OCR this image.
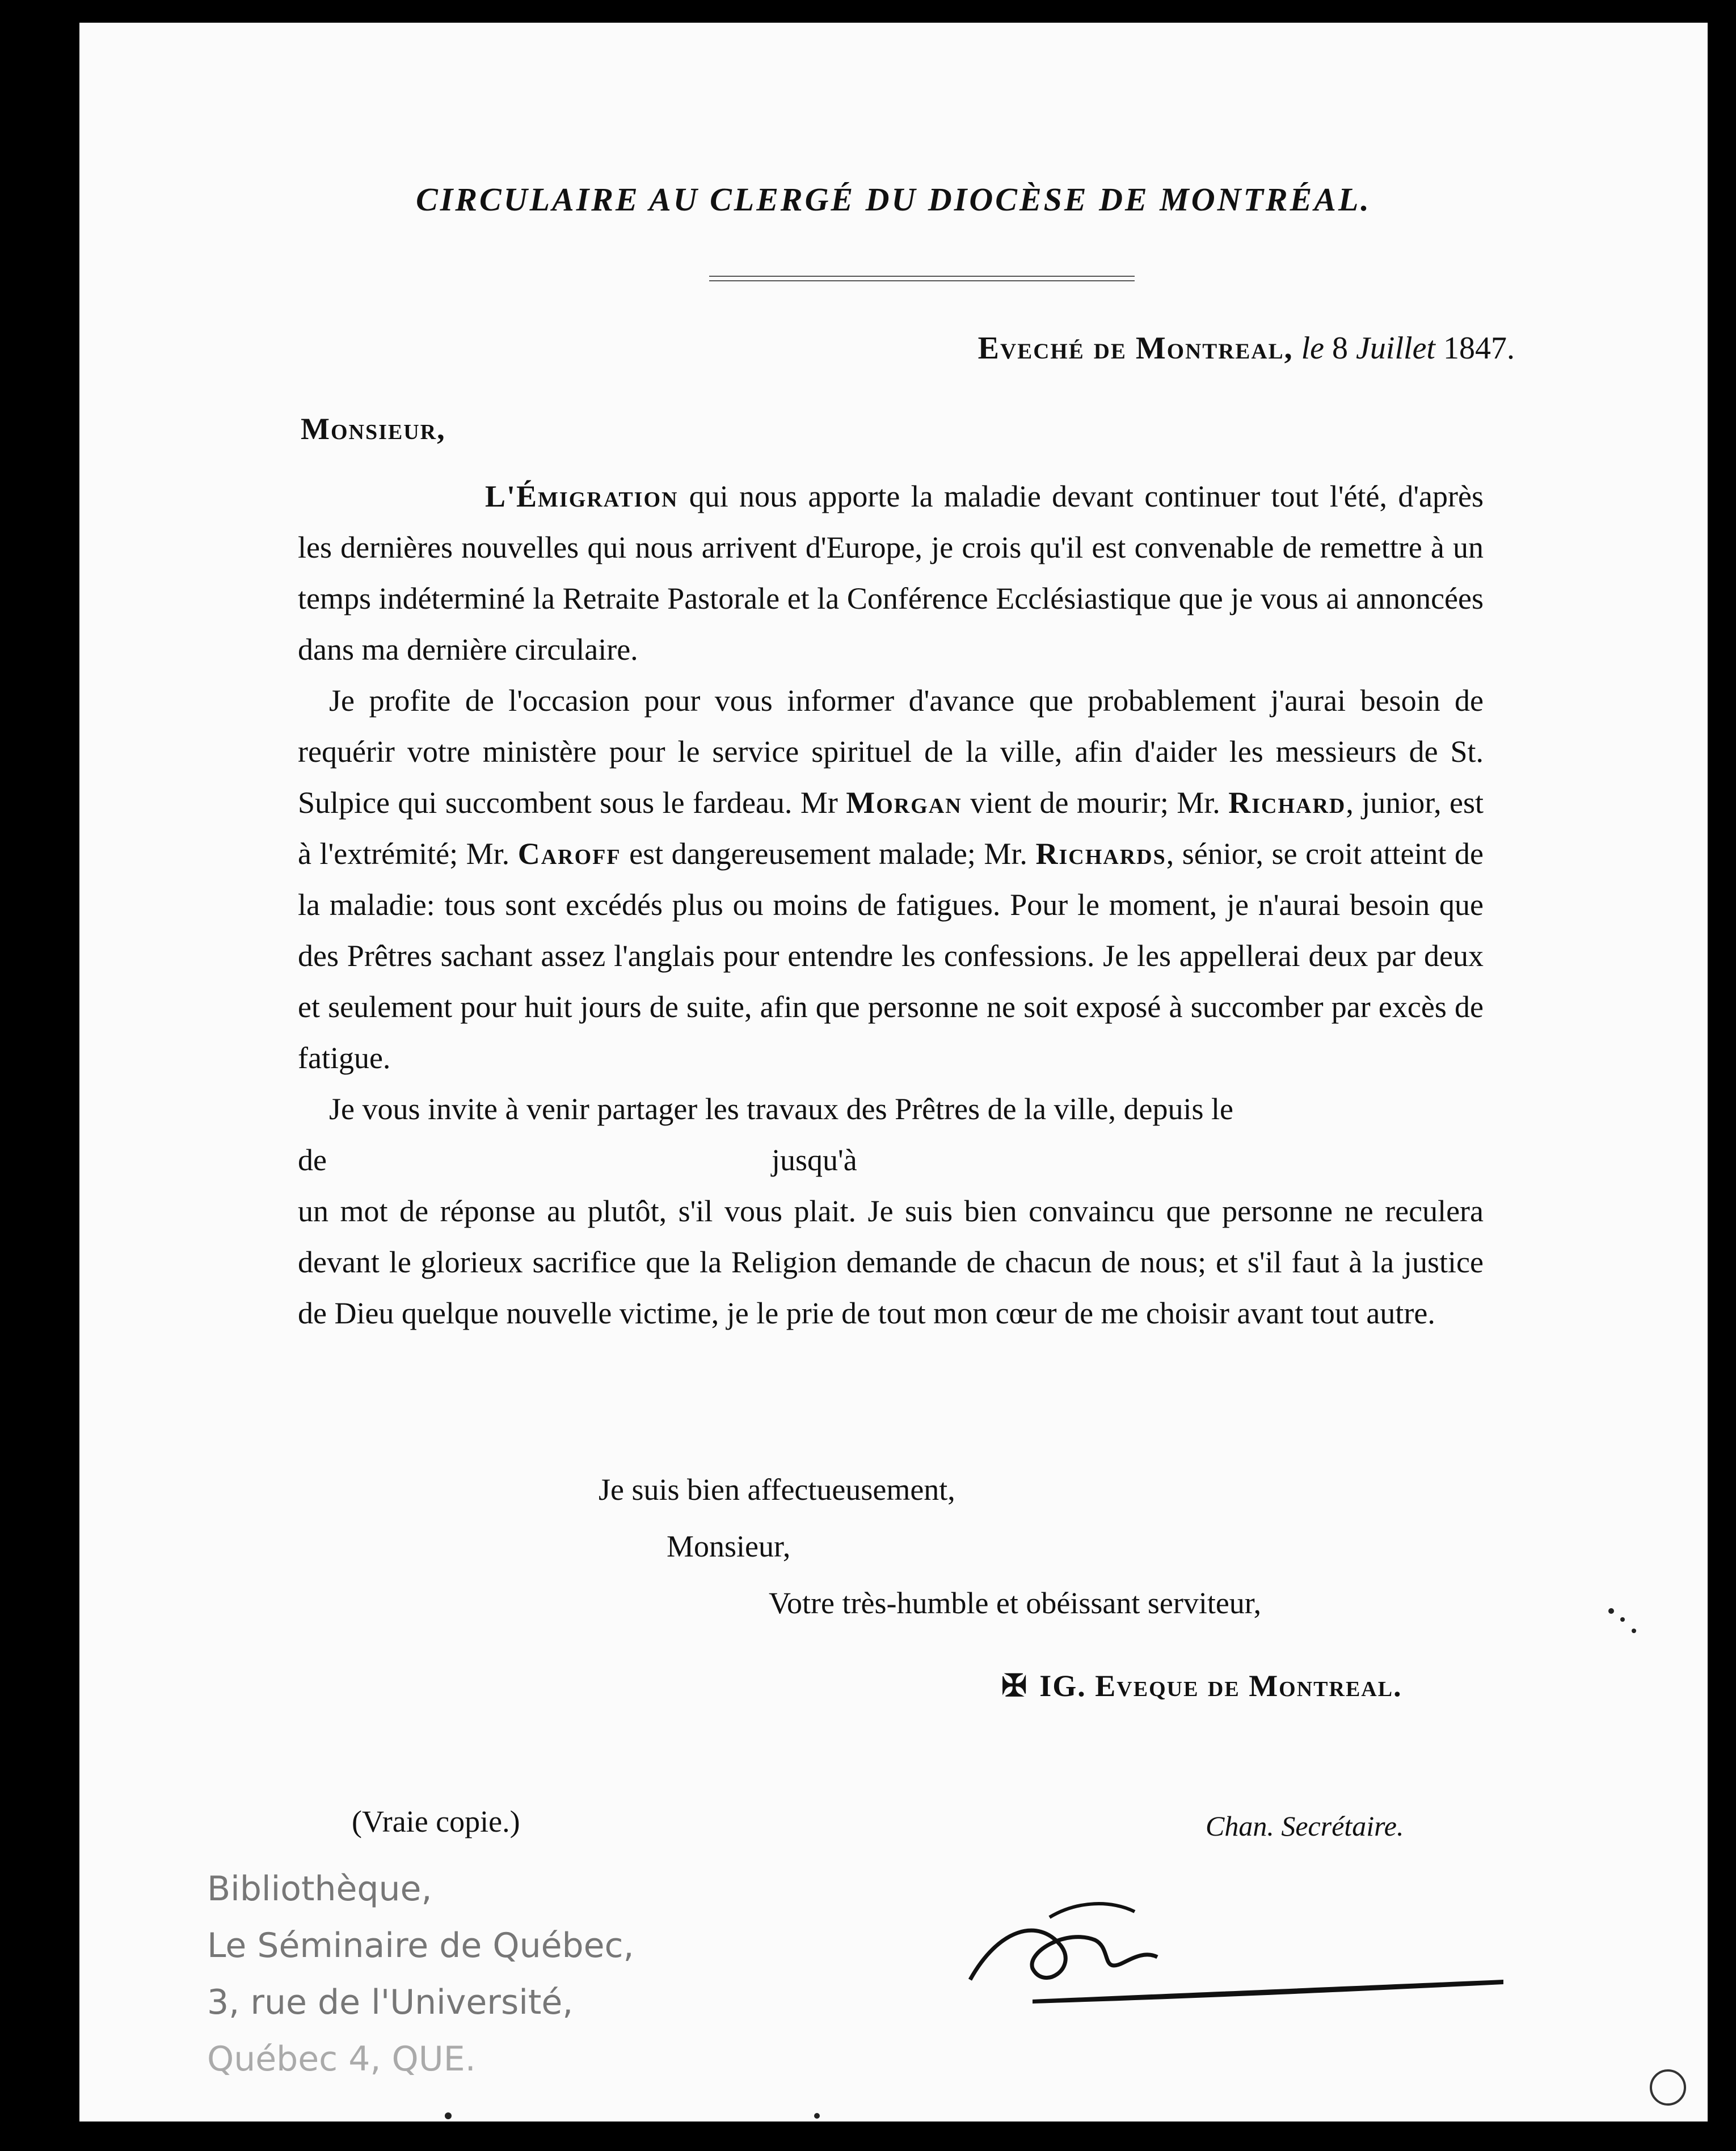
CIRCULAIRE AU CLERGÉ DU DIOCÈSE DE MONTRÉAL.
Eveché de Montreal, le 8 Juillet 1847.
Monsieur,

L'Émigration qui nous apporte la maladie devant continuer tout l'été, d'après les dernières nouvelles qui nous arrivent d'Europe, je crois qu'il est convenable de remettre à un temps indéterminé la Retraite Pastorale et la Conférence Ecclésiastique que je vous ai annoncées dans ma dernière circulaire.

Je profite de l'occasion pour vous informer d'avance que probablement j'aurai besoin de requérir votre ministère pour le service spirituel de la ville, afin d'aider les messieurs de St. Sulpice qui succombent sous le fardeau. Mr Morgan vient de mourir; Mr. Richard, junior, est à l'extrémité; Mr. Caroff est dangereusement malade; Mr. Richards, sénior, se croit atteint de la maladie: tous sont excédés plus ou moins de fatigues. Pour le moment, je n'aurai besoin que des Prêtres sachant assez l'anglais pour entendre les confessions. Je les appellerai deux par deux et seulement pour huit jours de suite, afin que personne ne soit exposé à succomber par excès de fatigue.

Je vous invite à venir partager les travaux des Prêtres de la ville, depuis le

de	jusqu'à

un mot de réponse au plutôt, s'il vous plait. Je suis bien convaincu que personne ne reculera devant le glorieux sacrifice que la Religion demande de chacun de nous; et s'il faut à la justice de Dieu quelque nouvelle victime, je le prie de tout mon cœur de me choisir avant tout autre.

Je suis bien affectueusement,
Monsieur,
Votre très-humble et obéissant serviteur,
✠ IG. Eveque de Montreal.
(Vraie copie.)	Chan. Secrétaire.
Bibliothèque,
Le Séminaire de Québec,
3, rue de l'Université,
Québec 4, QUE.
